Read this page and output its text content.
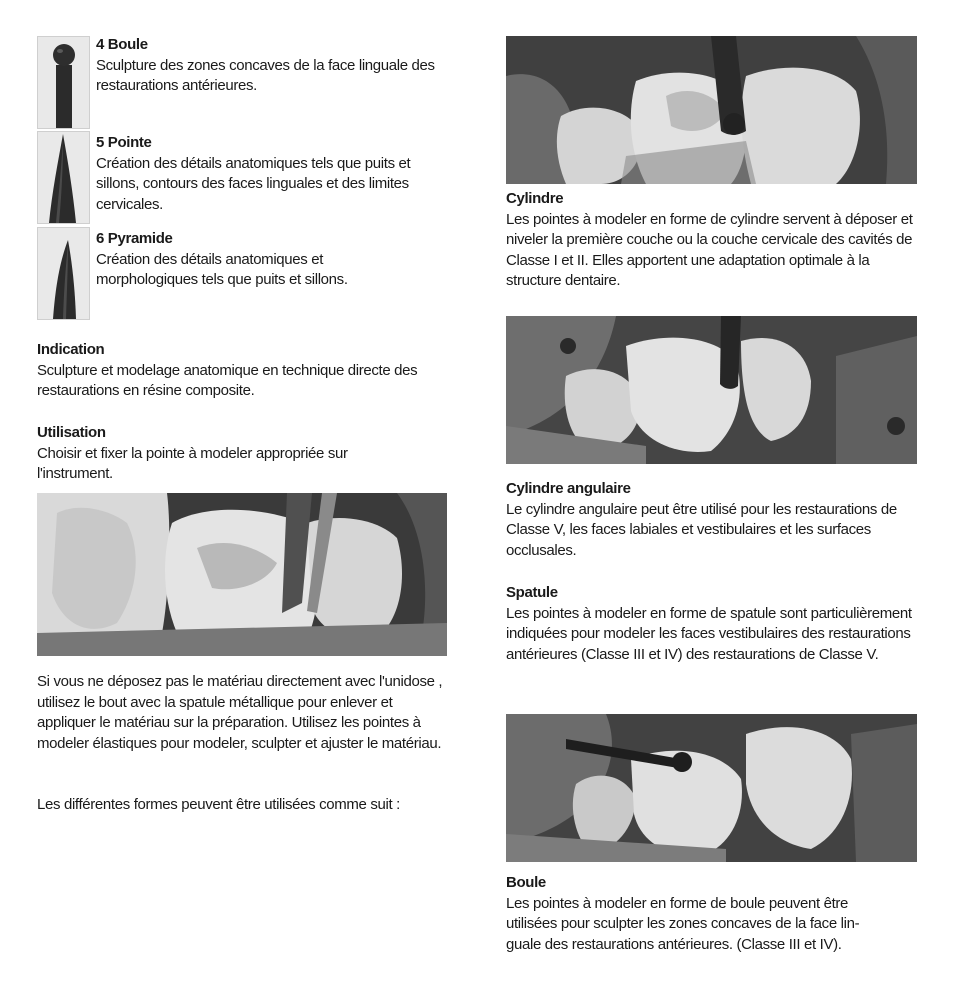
4 Boule
Sculpture des zones concaves de la face linguale des restaurations antérieures.
5 Pointe
Création des détails anatomiques tels que puits et sillons, contours des faces linguales et des limites cervicales.
6 Pyramide
Création des détails anatomiques et morphologiques tels que puits et sillons.
Indication
Sculpture et modelage anatomique en technique directe des restaurations en résine composite.
Utilisation
Choisir et fixer la pointe à modeler appropriée sur l'instrument.
Si vous ne déposez pas le matériau directement avec l'unidose , utilisez le bout avec la spatule métallique pour enlever et appliquer le matériau sur la préparation. Utilisez les pointes à modeler élastiques pour modeler, sculpter et ajuster le matériau.
Les différentes formes peuvent être utilisées comme suit :
Cylindre
Les pointes à modeler en forme de cylindre servent à déposer et niveler la première couche ou la couche cervicale des cavités de Classe I et II. Elles apportent une adaptation optimale à la structure dentaire.
Cylindre angulaire
Le cylindre angulaire peut être utilisé pour les restaurations de Classe V, les faces labiales et vestibulaires et les surfaces occlusales.
Spatule
Les pointes à modeler en forme de spatule sont particulièrement indiquées pour modeler les faces vestibulaires des restaurations antérieures (Classe III et IV) des restaurations de Classe V.
Boule
Les pointes à modeler en forme de boule peuvent être utilisées pour sculpter les zones concaves de la face lin-guale des restaurations antérieures. (Classe III et IV).
